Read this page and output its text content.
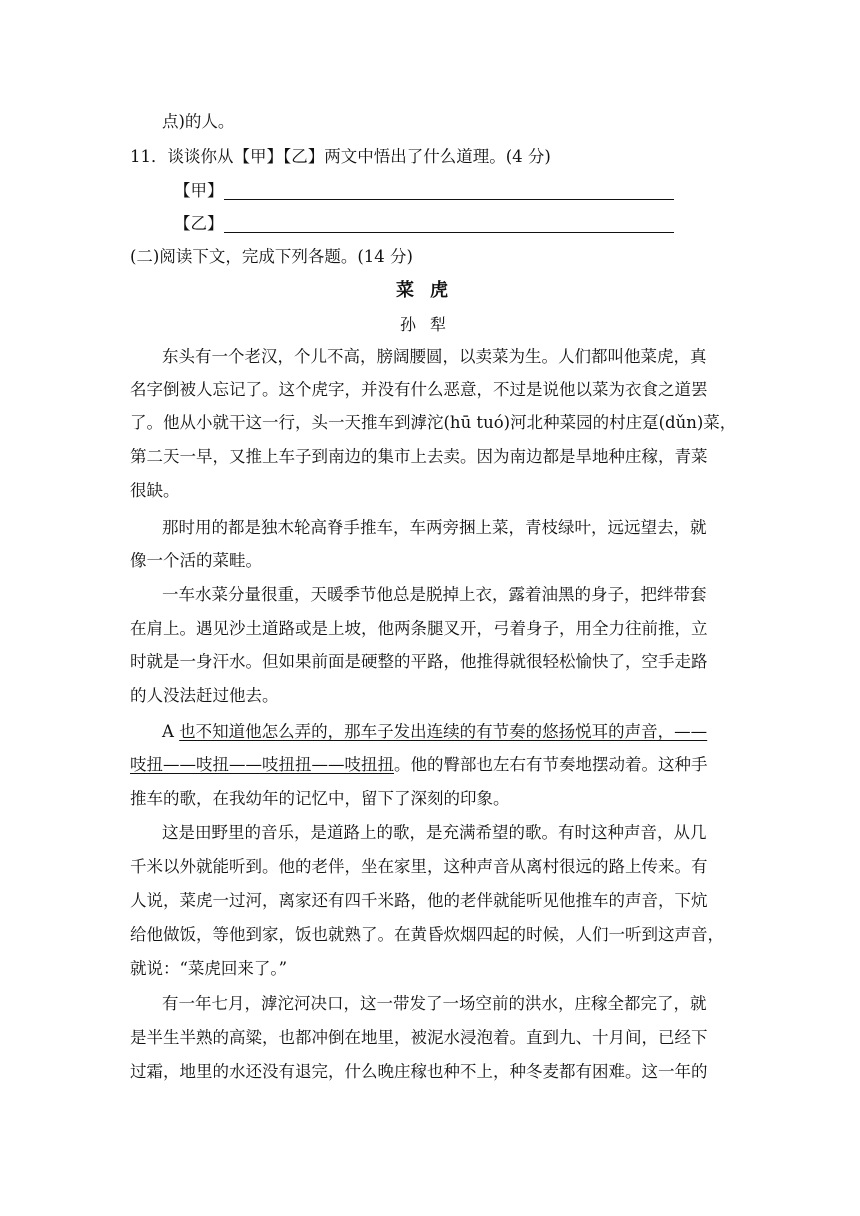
点)的人。
11．谈谈你从【甲】【乙】两文中悟出了什么道理。(4 分)
【甲】
【乙】
(二)阅读下文，完成下列各题。(14 分)
菜虎
孙犁
东头有一个老汉，个儿不高，膀阔腰圆，以卖菜为生。人们都叫他菜虎，真
名字倒被人忘记了。这个虎字，并没有什么恶意，不过是说他以菜为衣食之道罢
了。他从小就干这一行，头一天推车到滹沱(hū tuó)河北种菜园的村庄趸(dǔn)菜，
第二天一早，又推上车子到南边的集市上去卖。因为南边都是旱地种庄稼，青菜
很缺。
那时用的都是独木轮高脊手推车，车两旁捆上菜，青枝绿叶，远远望去，就
像一个活的菜畦。
一车水菜分量很重，天暖季节他总是脱掉上衣，露着油黑的身子，把绊带套
在肩上。遇见沙土道路或是上坡，他两条腿叉开，弓着身子，用全力往前推，立
时就是一身汗水。但如果前面是硬整的平路，他推得就很轻松愉快了，空手走路
的人没法赶过他去。
A 也不知道他怎么弄的，那车子发出连续的有节奏的悠扬悦耳的声音，——
吱扭——吱扭——吱扭扭——吱扭扭。他的臀部也左右有节奏地摆动着。这种手
推车的歌，在我幼年的记忆中，留下了深刻的印象。
这是田野里的音乐，是道路上的歌，是充满希望的歌。有时这种声音，从几
千米以外就能听到。他的老伴，坐在家里，这种声音从离村很远的路上传来。有
人说，菜虎一过河，离家还有四千米路，他的老伴就能听见他推车的声音，下炕
给他做饭，等他到家，饭也就熟了。在黄昏炊烟四起的时候，人们一听到这声音，
就说：“菜虎回来了。”
有一年七月，滹沱河决口，这一带发了一场空前的洪水，庄稼全都完了，就
是半生半熟的高粱，也都冲倒在地里，被泥水浸泡着。直到九、十月间，已经下
过霜，地里的水还没有退完，什么晚庄稼也种不上，种冬麦都有困难。这一年的
